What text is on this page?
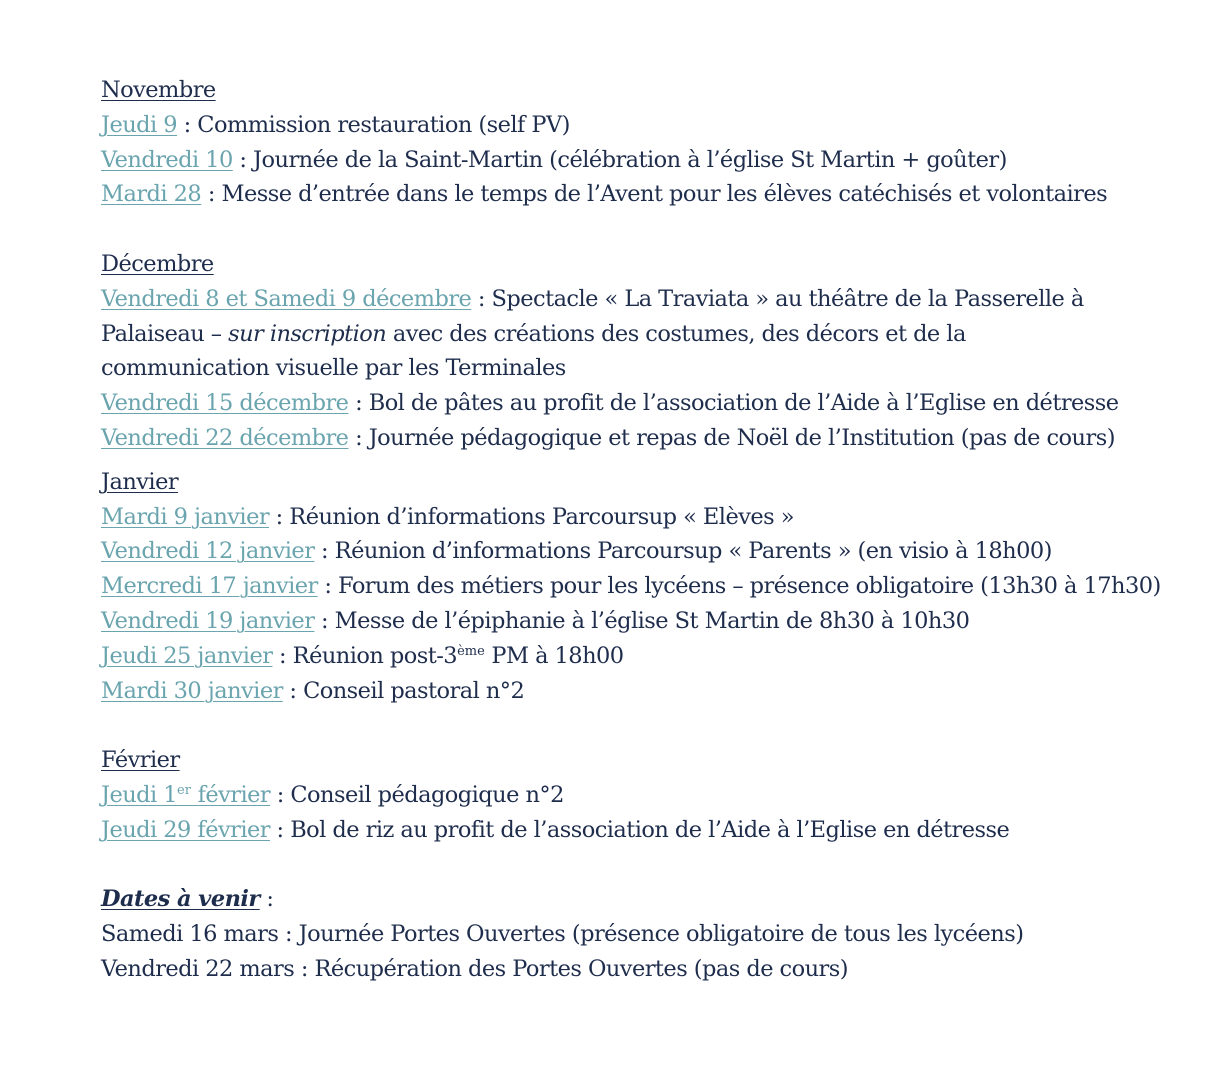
Novembre
Jeudi 9 : Commission restauration (self PV)
Vendredi 10 : Journée de la Saint-Martin (célébration à l’église St Martin + goûter)
Mardi 28 : Messe d’entrée dans le temps de l’Avent pour les élèves catéchisés et volontaires
Décembre
Vendredi 8 et Samedi 9 décembre : Spectacle « La Traviata » au théâtre de la Passerelle à
Palaiseau – sur inscription avec des créations des costumes, des décors et de la
communication visuelle par les Terminales
Vendredi 15 décembre : Bol de pâtes au profit de l’association de l’Aide à l’Eglise en détresse
Vendredi 22 décembre : Journée pédagogique et repas de Noël de l’Institution (pas de cours)
Janvier
Mardi 9 janvier : Réunion d’informations Parcoursup « Elèves »
Vendredi 12 janvier : Réunion d’informations Parcoursup « Parents » (en visio à 18h00)
Mercredi 17 janvier : Forum des métiers pour les lycéens – présence obligatoire (13h30 à 17h30)
Vendredi 19 janvier : Messe de l’épiphanie à l’église St Martin de 8h30 à 10h30
Jeudi 25 janvier : Réunion post-3ème PM à 18h00
Mardi 30 janvier : Conseil pastoral n°2
Février
Jeudi 1er février : Conseil pédagogique n°2
Jeudi 29 février : Bol de riz au profit de l’association de l’Aide à l’Eglise en détresse
Dates à venir :
Samedi 16 mars : Journée Portes Ouvertes (présence obligatoire de tous les lycéens)
Vendredi 22 mars : Récupération des Portes Ouvertes (pas de cours)
